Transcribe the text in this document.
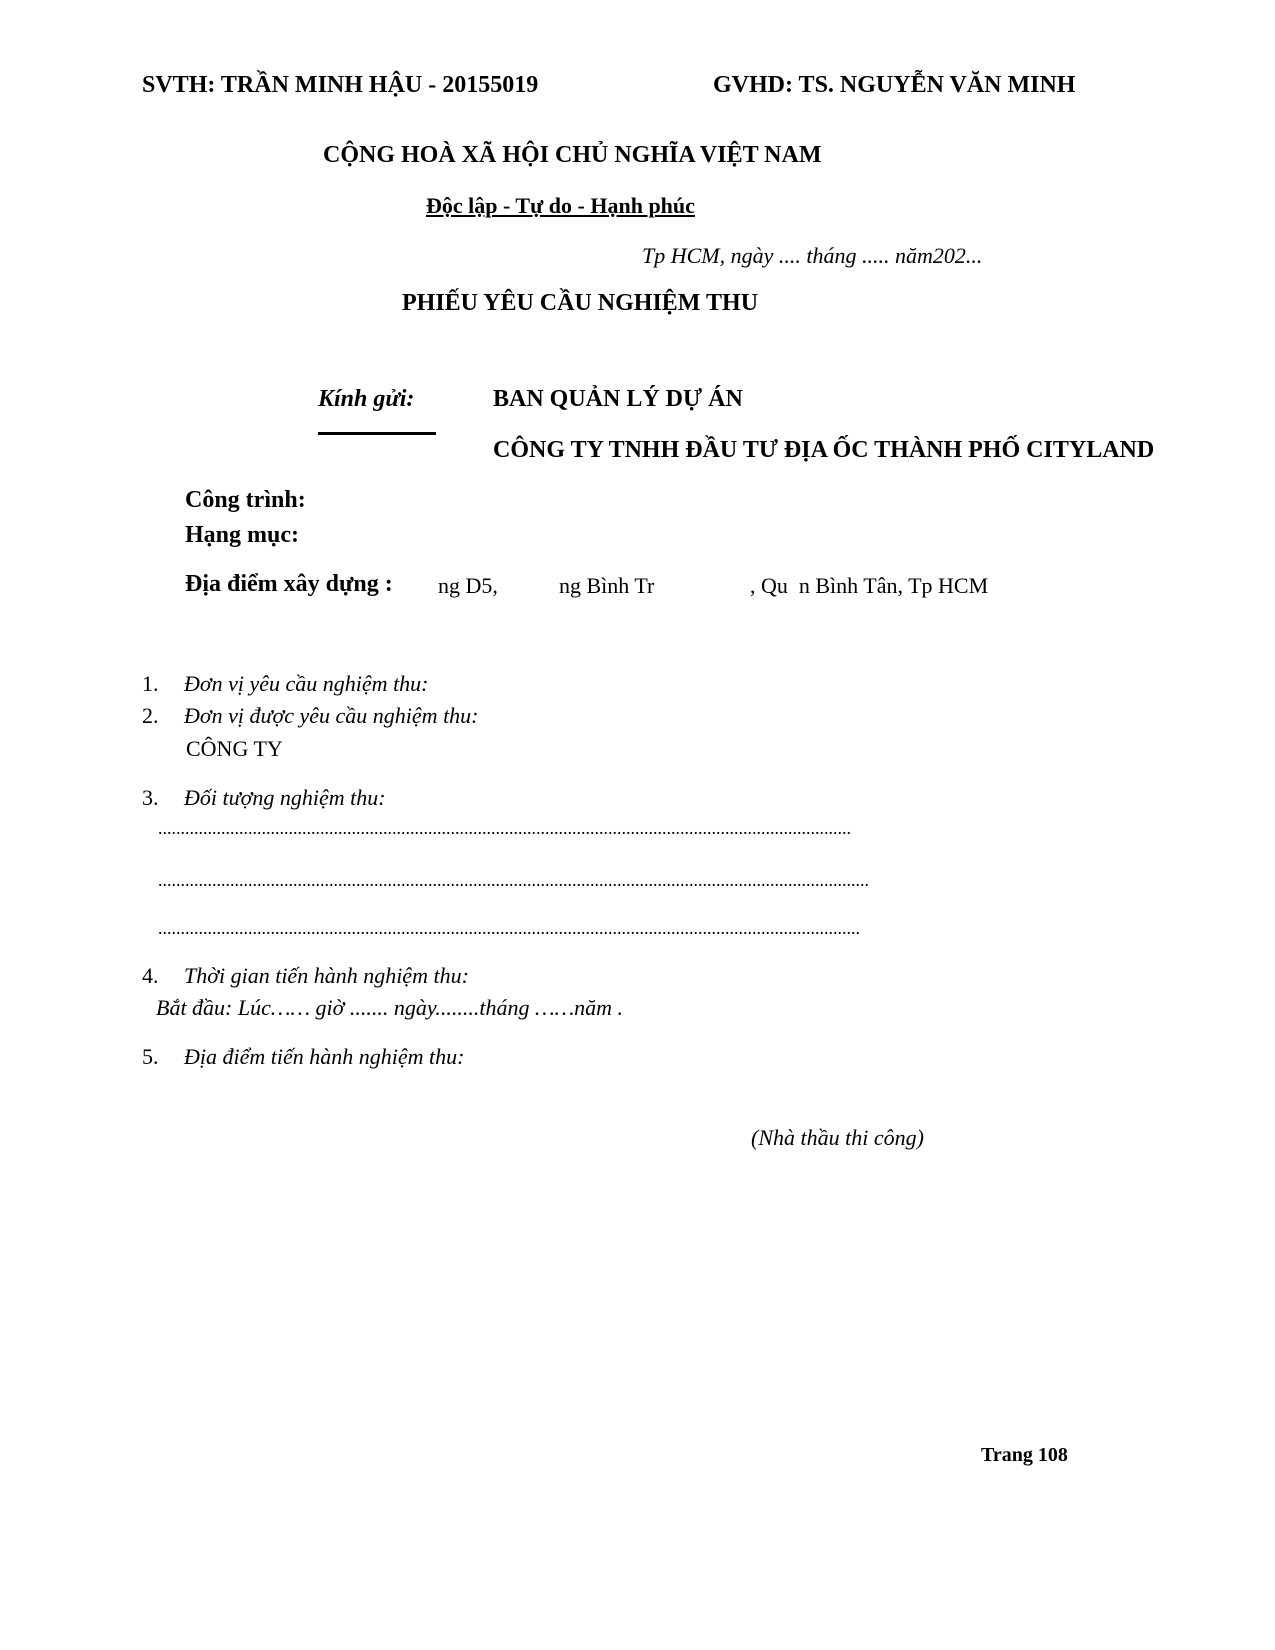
SVTH: TRẦN MINH HẬU - 20155019	GVHD: TS. NGUYỄN VĂN MINH
CỘNG HOÀ XÃ HỘI CHỦ NGHĨA VIỆT NAM
Độc lập - Tự do - Hạnh phúc
Tp HCM, ngày .... tháng ..... năm202...
PHIẾU YÊU CẦU NGHIỆM THU
Kính gửi:	BAN QUẢN LÝ DỰ ÁN
CÔNG TY TNHH ĐẦU TƯ ĐỊA ỐC THÀNH PHỐ CITYLAND
Công trình:
Hạng mục:
Địa điểm xây dựng : ng D5,	ng Bình Tr	, Qu  n Bình Tân, Tp HCM
1. Đơn vị yêu cầu nghiệm thu:
2. Đơn vị được yêu cầu nghiệm thu:
CÔNG TY
3. Đối tượng nghiệm thu:
..........................................................................................................................................................
..............................................................................................................................................................
............................................................................................................................................................
4. Thời gian tiến hành nghiệm thu:
Bắt đầu: Lúc…… giờ ....... ngày........tháng ……năm .
5. Địa điểm tiến hành nghiệm thu:
(Nhà thầu thi công)
Trang 108
